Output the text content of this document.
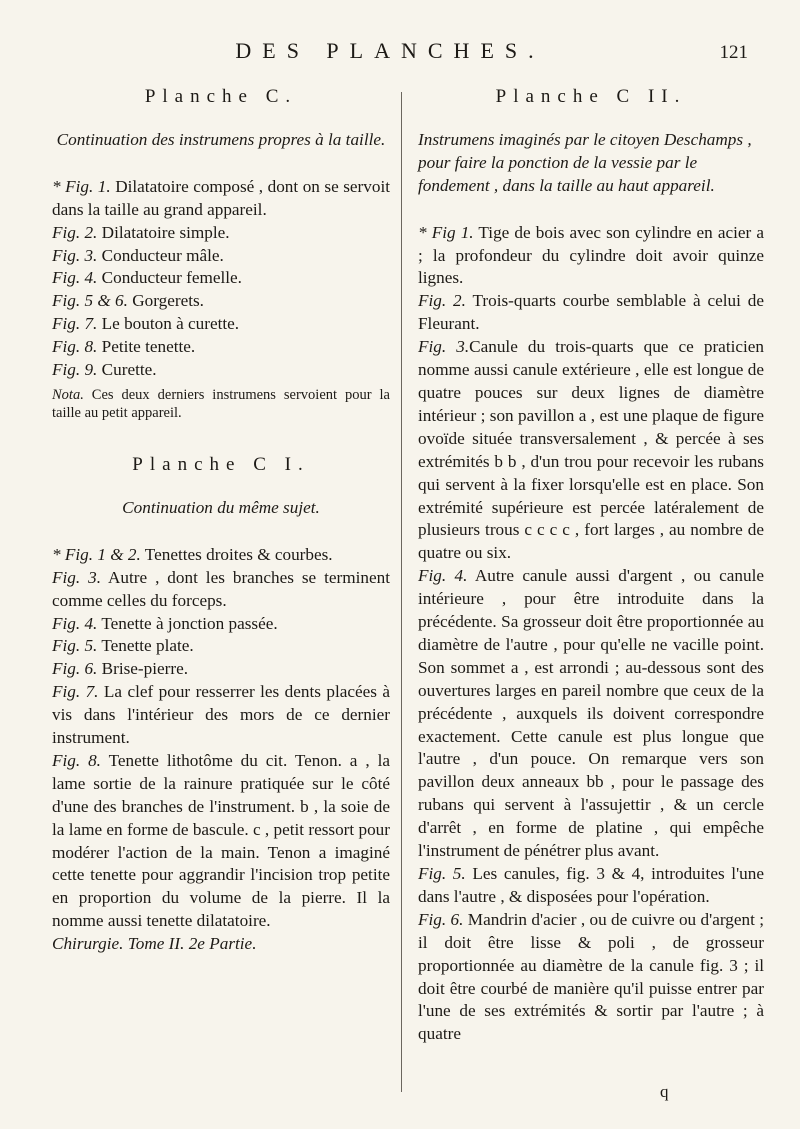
DES PLANCHES.	121
Planche C.
Continuation des instrumens propres à la taille.

* Fig. 1. Dilatatoire composé , dont on se servoit dans la taille au grand appareil.

Fig. 2. Dilatatoire simple.

Fig. 3. Conducteur mâle.

Fig. 4. Conducteur femelle.

Fig. 5 & 6. Gorgerets.

Fig. 7. Le bouton à curette.

Fig. 8. Petite tenette.

Fig. 9. Curette.

Nota. Ces deux derniers instrumens servoient pour la taille au petit appareil.

Planche C I.
Continuation du même sujet.

* Fig. 1 & 2. Tenettes droites & courbes.

Fig. 3. Autre , dont les branches se terminent comme celles du forceps.

Fig. 4. Tenette à jonction passée.

Fig. 5. Tenette plate.

Fig. 6. Brise-pierre.

Fig. 7. La clef pour resserrer les dents placées à vis dans l'intérieur des mors de ce dernier instrument.

Fig. 8. Tenette lithotôme du cit. Tenon. a , la lame sortie de la rainure pratiquée sur le côté d'une des branches de l'instrument. b , la soie de la lame en forme de bascule. c , petit ressort pour modérer l'action de la main. Tenon a imaginé cette tenette pour aggrandir l'incision trop petite en proportion du volume de la pierre. Il la nomme aussi tenette dilatatoire.

Chirurgie. Tome II. 2e Partie.

Planche C II.
Instrumens imaginés par le citoyen Deschamps , pour faire la ponction de la vessie par le fondement , dans la taille au haut appareil.

* Fig 1. Tige de bois avec son cylindre en acier a ; la profondeur du cylindre doit avoir quinze lignes.

Fig. 2. Trois-quarts courbe semblable à celui de Fleurant.

Fig. 3.Canule du trois-quarts que ce praticien nomme aussi canule extérieure , elle est longue de quatre pouces sur deux lignes de diamètre intérieur ; son pavillon a , est une plaque de figure ovoïde située transversalement , & percée à ses extrémités b b , d'un trou pour recevoir les rubans qui servent à la fixer lorsqu'elle est en place. Son extrémité supérieure est percée latéralement de plusieurs trous c c c c , fort larges , au nombre de quatre ou six.

Fig. 4. Autre canule aussi d'argent , ou canule intérieure , pour être introduite dans la précédente. Sa grosseur doit être proportionnée au diamètre de l'autre , pour qu'elle ne vacille point. Son sommet a , est arrondi ; au-dessous sont des ouvertures larges en pareil nombre que ceux de la précédente , auxquels ils doivent correspondre exactement. Cette canule est plus longue que l'autre , d'un pouce. On remarque vers son pavillon deux anneaux bb , pour le passage des rubans qui servent à l'assujettir , & un cercle d'arrêt , en forme de platine , qui empêche l'instrument de pénétrer plus avant.

Fig. 5. Les canules, fig. 3 & 4, introduites l'une dans l'autre , & disposées pour l'opération.

Fig. 6. Mandrin d'acier , ou de cuivre ou d'argent ; il doit être lisse & poli , de grosseur proportionnée au diamètre de la canule fig. 3 ; il doit être courbé de manière qu'il puisse entrer par l'une de ses extrémités & sortir par l'autre ; à quatre

q
